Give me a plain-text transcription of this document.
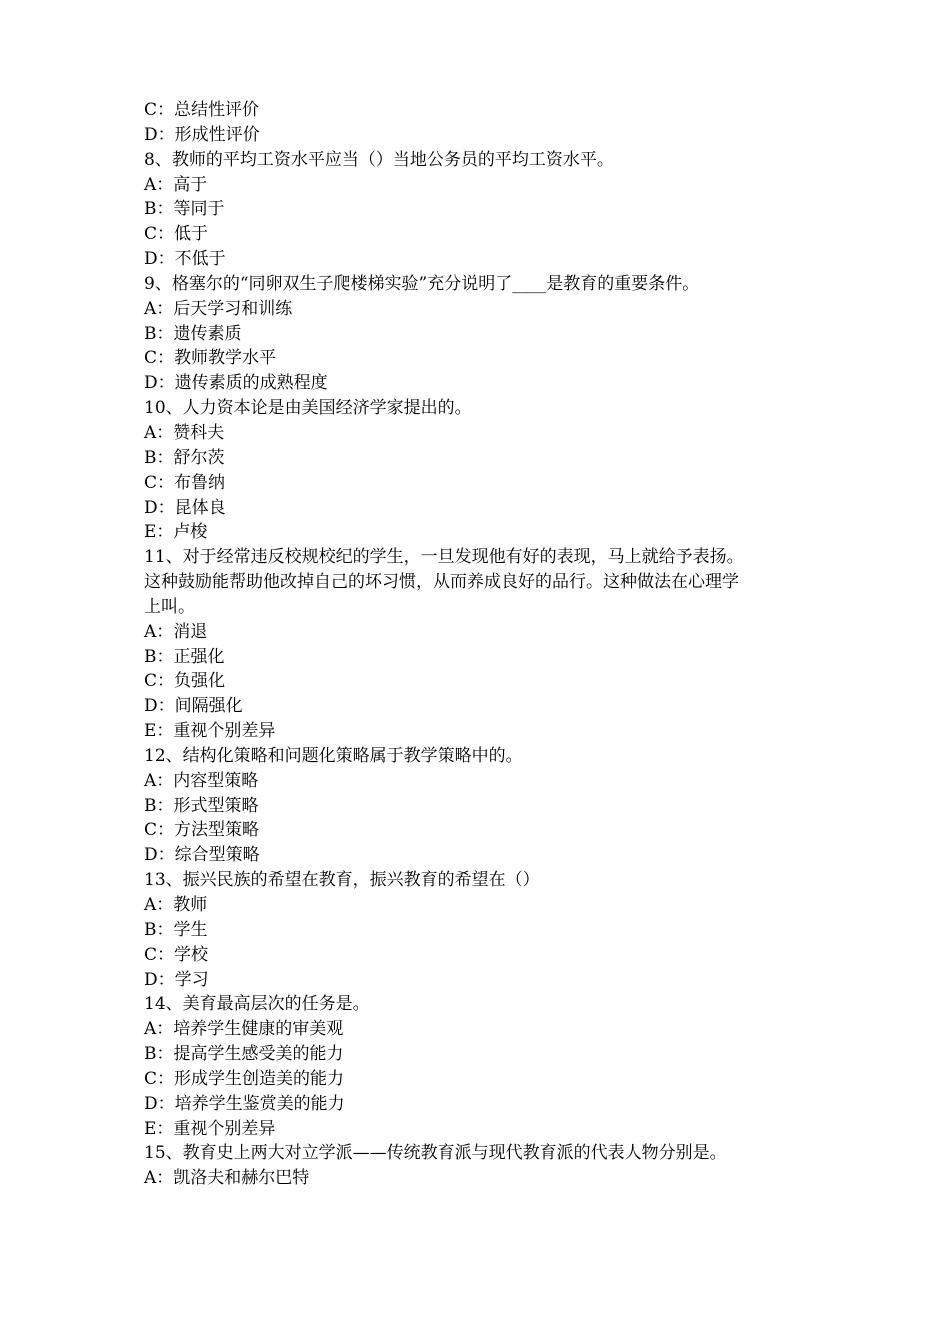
C：总结性评价
D：形成性评价
8、教师的平均工资水平应当（）当地公务员的平均工资水平。
A：高于
B：等同于
C：低于
D：不低于
9、格塞尔的“同卵双生子爬楼梯实验”充分说明了____是教育的重要条件。
A：后天学习和训练
B：遗传素质
C：教师教学水平
D：遗传素质的成熟程度
10、人力资本论是由美国经济学家提出的。
A：赞科夫
B：舒尔茨
C：布鲁纳
D：昆体良
E：卢梭
11、对于经常违反校规校纪的学生，一旦发现他有好的表现，马上就给予表扬。
这种鼓励能帮助他改掉自己的坏习惯，从而养成良好的品行。这种做法在心理学
上叫。
A：消退
B：正强化
C：负强化
D：间隔强化
E：重视个别差异
12、结构化策略和问题化策略属于教学策略中的。
A：内容型策略
B：形式型策略
C：方法型策略
D：综合型策略
13、振兴民族的希望在教育，振兴教育的希望在（）
A：教师
B：学生
C：学校
D：学习
14、美育最高层次的任务是。
A：培养学生健康的审美观
B：提高学生感受美的能力
C：形成学生创造美的能力
D：培养学生鉴赏美的能力
E：重视个别差异
15、教育史上两大对立学派——传统教育派与现代教育派的代表人物分别是。
A：凯洛夫和赫尔巴特
